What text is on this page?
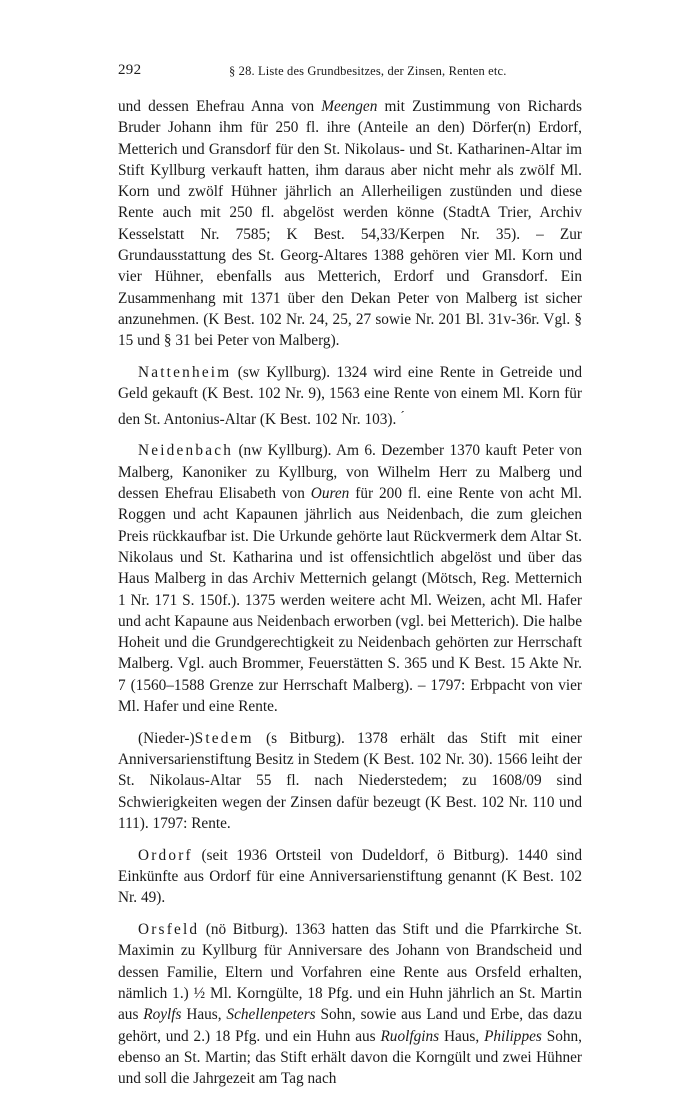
292	§ 28. Liste des Grundbesitzes, der Zinsen, Renten etc.

und dessen Ehefrau Anna von Meengen mit Zustimmung von Richards Bruder Johann ihm für 250 fl. ihre (Anteile an den) Dörfer(n) Erdorf, Metterich und Gransdorf für den St. Nikolaus- und St. Katharinen-Altar im Stift Kyllburg verkauft hatten, ihm daraus aber nicht mehr als zwölf Ml. Korn und zwölf Hühner jährlich an Allerheiligen zustünden und diese Rente auch mit 250 fl. abgelöst werden könne (StadtA Trier, Archiv Kesselstatt Nr. 7585; K Best. 54,33/Kerpen Nr. 35). – Zur Grundausstattung des St. Georg-Altares 1388 gehören vier Ml. Korn und vier Hühner, ebenfalls aus Metterich, Erdorf und Gransdorf. Ein Zusammenhang mit 1371 über den Dekan Peter von Malberg ist sicher anzunehmen. (K Best. 102 Nr. 24, 25, 27 sowie Nr. 201 Bl. 31v-36r. Vgl. § 15 und § 31 bei Peter von Malberg).

Nattenheim (sw Kyllburg). 1324 wird eine Rente in Getreide und Geld gekauft (K Best. 102 Nr. 9), 1563 eine Rente von einem Ml. Korn für den St. Antonius-Altar (K Best. 102 Nr. 103). ´

Neidenbach (nw Kyllburg). Am 6. Dezember 1370 kauft Peter von Malberg, Kanoniker zu Kyllburg, von Wilhelm Herr zu Malberg und dessen Ehefrau Elisabeth von Ouren für 200 fl. eine Rente von acht Ml. Roggen und acht Kapaunen jährlich aus Neidenbach, die zum gleichen Preis rückkaufbar ist. Die Urkunde gehörte laut Rückvermerk dem Altar St. Nikolaus und St. Katharina und ist offensichtlich abgelöst und über das Haus Malberg in das Archiv Metternich gelangt (Mötsch, Reg. Metternich 1 Nr. 171 S. 150f.). 1375 werden weitere acht Ml. Weizen, acht Ml. Hafer und acht Kapaune aus Neidenbach erworben (vgl. bei Metterich). Die halbe Hoheit und die Grundgerechtigkeit zu Neidenbach gehörten zur Herrschaft Malberg. Vgl. auch Brommer, Feuerstätten S. 365 und K Best. 15 Akte Nr. 7 (1560–1588 Grenze zur Herrschaft Malberg). – 1797: Erbpacht von vier Ml. Hafer und eine Rente.

(Nieder-)Stedem (s Bitburg). 1378 erhält das Stift mit einer Anniversarienstiftung Besitz in Stedem (K Best. 102 Nr. 30). 1566 leiht der St. Nikolaus-Altar 55 fl. nach Niederstedem; zu 1608/09 sind Schwierigkeiten wegen der Zinsen dafür bezeugt (K Best. 102 Nr. 110 und 111). 1797: Rente.

Ordorf (seit 1936 Ortsteil von Dudeldorf, ö Bitburg). 1440 sind Einkünfte aus Ordorf für eine Anniversarienstiftung genannt (K Best. 102 Nr. 49).

Orsfeld (nö Bitburg). 1363 hatten das Stift und die Pfarrkirche St. Maximin zu Kyllburg für Anniversare des Johann von Brandscheid und dessen Familie, Eltern und Vorfahren eine Rente aus Orsfeld erhalten, nämlich 1.) ½ Ml. Korngülte, 18 Pfg. und ein Huhn jährlich an St. Martin aus Roylfs Haus, Schellenpeters Sohn, sowie aus Land und Erbe, das dazu gehört, und 2.) 18 Pfg. und ein Huhn aus Ruolfgins Haus, Philippes Sohn, ebenso an St. Martin; das Stift erhält davon die Korngült und zwei Hühner und soll die Jahrgezeit am Tag nach
